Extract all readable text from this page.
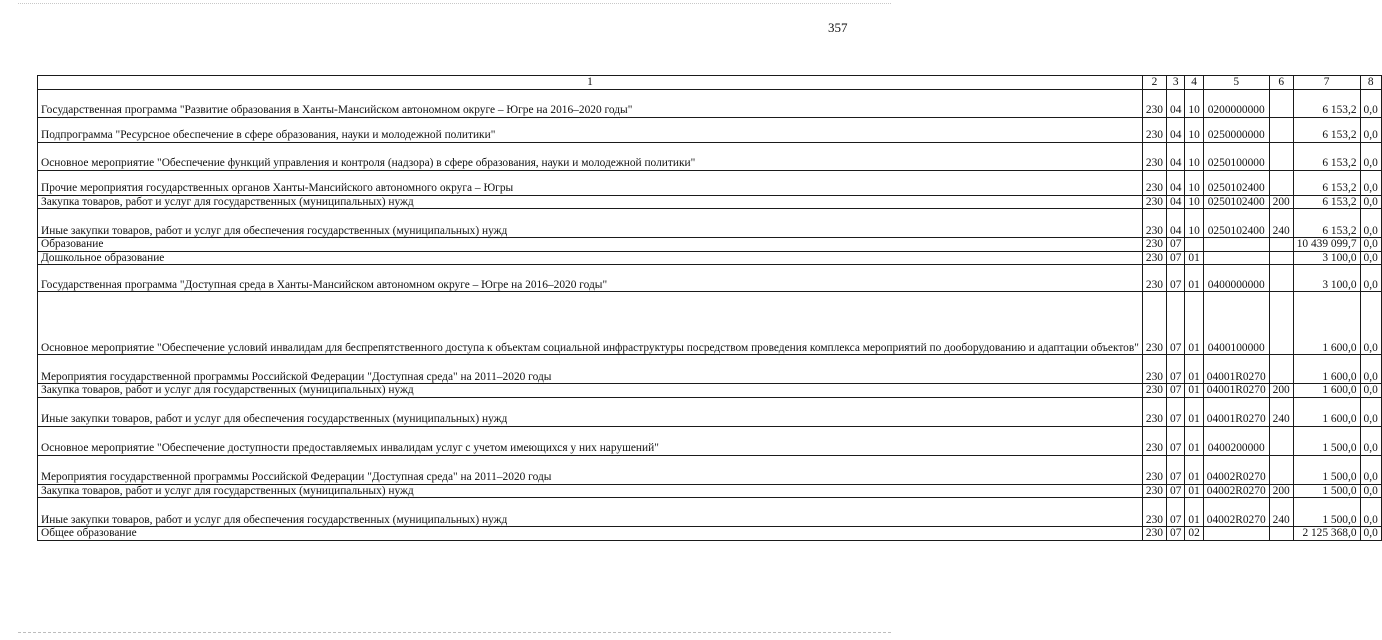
357
1	2	3	4	5	6	7	8
Государственная программа "Развитие образования в Ханты-Мансийском автономном округе – Югре на 2016–2020 годы"	230	04	10	0200000000		6 153,2	0,0
Подпрограмма "Ресурсное обеспечение в сфере образования, науки и молодежной политики"	230	04	10	0250000000		6 153,2	0,0
Основное мероприятие "Обеспечение функций управления и контроля (надзора) в сфере образования, науки и молодежной политики"	230	04	10	0250100000		6 153,2	0,0
Прочие мероприятия государственных органов Ханты-Мансийского автономного округа – Югры	230	04	10	0250102400		6 153,2	0,0
Закупка товаров, работ и услуг для государственных (муниципальных) нужд	230	04	10	0250102400	200	6 153,2	0,0
Иные закупки товаров, работ и услуг для обеспечения государственных (муниципальных) нужд	230	04	10	0250102400	240	6 153,2	0,0
Образование	230	07				10 439 099,7	0,0
Дошкольное образование	230	07	01			3 100,0	0,0
Государственная программа "Доступная среда в Ханты-Мансийском автономном округе – Югре на 2016–2020 годы"	230	07	01	0400000000		3 100,0	0,0
Основное мероприятие "Обеспечение условий инвалидам для беспрепятственного доступа к объектам социальной инфраструктуры посредством проведения комплекса мероприятий по дооборудованию и адаптации объектов"	230	07	01	0400100000		1 600,0	0,0
Мероприятия государственной программы Российской Федерации "Доступная среда" на 2011–2020 годы	230	07	01	04001R0270		1 600,0	0,0
Закупка товаров, работ и услуг для государственных (муниципальных) нужд	230	07	01	04001R0270	200	1 600,0	0,0
Иные закупки товаров, работ и услуг для обеспечения государственных (муниципальных) нужд	230	07	01	04001R0270	240	1 600,0	0,0
Основное мероприятие "Обеспечение доступности предоставляемых инвалидам услуг с учетом имеющихся у них нарушений"	230	07	01	0400200000		1 500,0	0,0
Мероприятия государственной программы Российской Федерации "Доступная среда" на 2011–2020 годы	230	07	01	04002R0270		1 500,0	0,0
Закупка товаров, работ и услуг для государственных (муниципальных) нужд	230	07	01	04002R0270	200	1 500,0	0,0
Иные закупки товаров, работ и услуг для обеспечения государственных (муниципальных) нужд	230	07	01	04002R0270	240	1 500,0	0,0
Общее образование	230	07	02			2 125 368,0	0,0
